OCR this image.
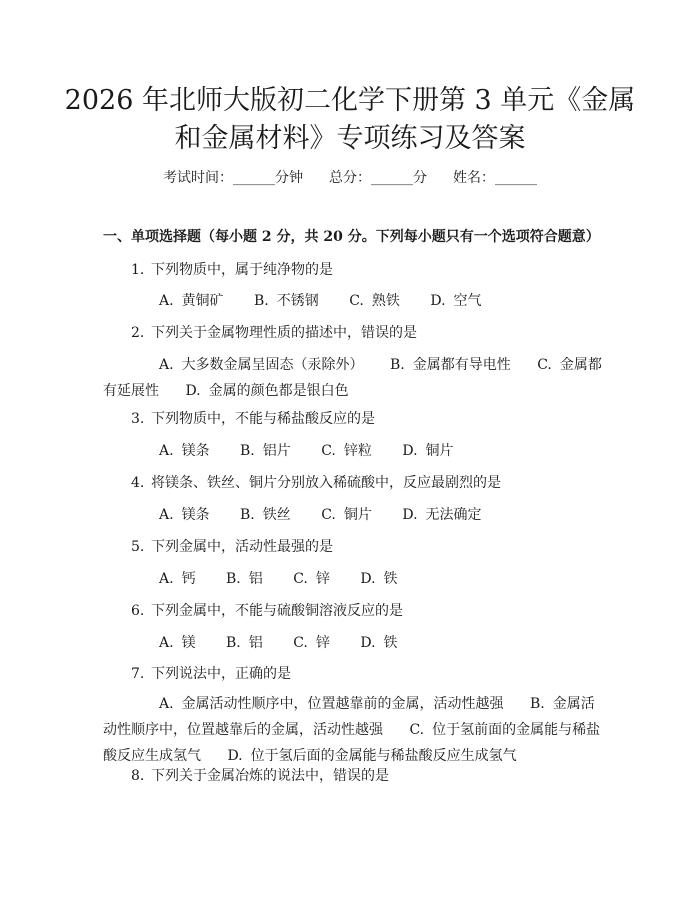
2026 年北师大版初二化学下册第 3 单元《金属和金属材料》专项练习及答案
考试时间：______分钟 总分：______分 姓名：______
一、单项选择题（每小题 2 分，共 20 分。下列每小题只有一个选项符合题意）
1. 下列物质中，属于纯净物的是
A. 黄铜矿 B. 不锈钢 C. 熟铁 D. 空气
2. 下列关于金属物理性质的描述中，错误的是
A. 大多数金属呈固态（汞除外） B. 金属都有导电性 C. 金属都有延展性 D. 金属的颜色都是银白色
3. 下列物质中，不能与稀盐酸反应的是
A. 镁条 B. 铝片 C. 锌粒 D. 铜片
4. 将镁条、铁丝、铜片分别放入稀硫酸中，反应最剧烈的是
A. 镁条 B. 铁丝 C. 铜片 D. 无法确定
5. 下列金属中，活动性最强的是
A. 钙 B. 铝 C. 锌 D. 铁
6. 下列金属中，不能与硫酸铜溶液反应的是
A. 镁 B. 铝 C. 锌 D. 铁
7. 下列说法中，正确的是
A. 金属活动性顺序中，位置越靠前的金属，活动性越强 B. 金属活动性顺序中，位置越靠后的金属，活动性越强 C. 位于氢前面的金属能与稀盐酸反应生成氢气 D. 位于氢后面的金属能与稀盐酸反应生成氢气
8. 下列关于金属冶炼的说法中，错误的是
